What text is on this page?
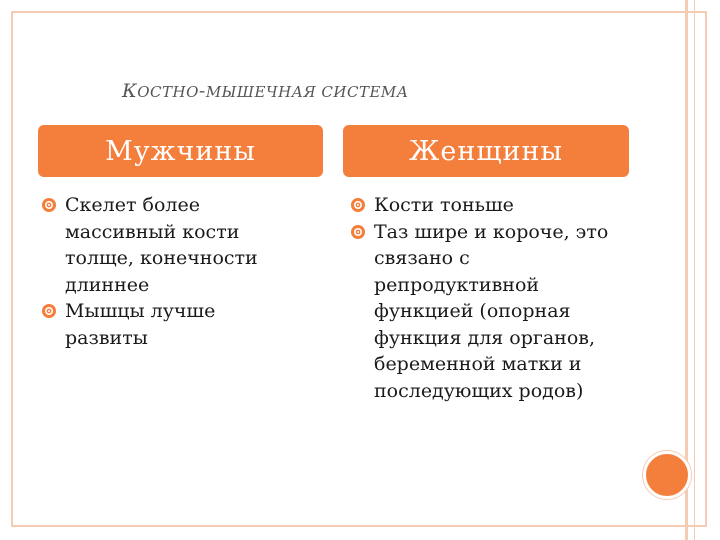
КОСТНО-МЫШЕЧНАЯ СИСТЕМА
Мужчины	Женщины
Скелет более массивный кости толще, конечности длиннее
Мышцы лучше развиты
Кости тоньше
Таз шире и короче, это связано с репродуктивной функцией (опорная функция для органов, беременной матки и последующих родов)
